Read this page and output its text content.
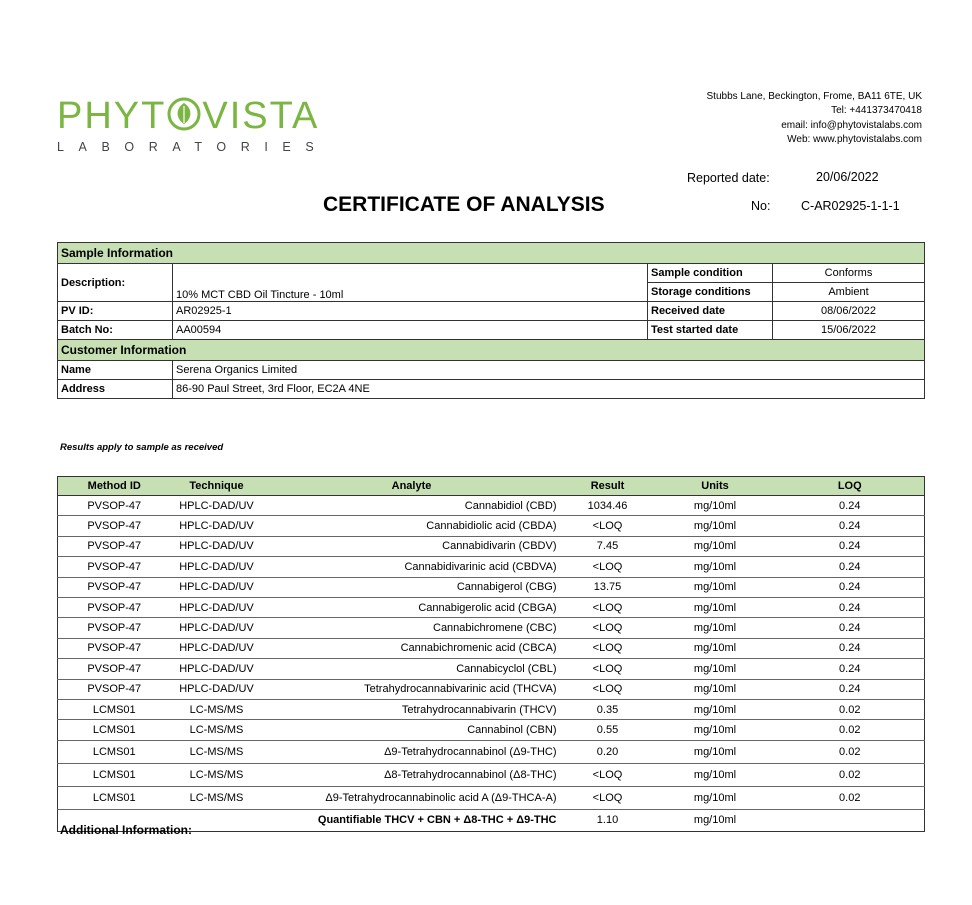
PHYT VISTA
LABORATORIES
Stubbs Lane, Beckington, Frome, BA11 6TE, UK
Tel: +441373470418
email: info@phytovistalabs.com
Web: www.phytovistalabs.com
Reported date:	20/06/2022
CERTIFICATE OF ANALYSIS	No: C-AR02925-1-1-1
Sample Information			
Description:	10% MCT CBD Oil Tincture - 10ml	Sample condition	Conforms
		Storage conditions	Ambient
PV ID:	AR02925-1	Received date	08/06/2022
Batch No:	AA00594	Test started date	15/06/2022
Customer Information			
Name	Serena Organics Limited		
Address	86-90 Paul Street, 3rd Floor, EC2A 4NE		
Results apply to sample as received
Method ID	Technique	Analyte	Result	Units	LOQ
PVSOP-47	HPLC-DAD/UV	Cannabidiol (CBD)	1034.46	mg/10ml	0.24
PVSOP-47	HPLC-DAD/UV	Cannabidiolic acid (CBDA)	<LOQ	mg/10ml	0.24
PVSOP-47	HPLC-DAD/UV	Cannabidivarin (CBDV)	7.45	mg/10ml	0.24
PVSOP-47	HPLC-DAD/UV	Cannabidivarinic acid (CBDVA)	<LOQ	mg/10ml	0.24
PVSOP-47	HPLC-DAD/UV	Cannabigerol (CBG)	13.75	mg/10ml	0.24
PVSOP-47	HPLC-DAD/UV	Cannabigerolic acid (CBGA)	<LOQ	mg/10ml	0.24
PVSOP-47	HPLC-DAD/UV	Cannabichromene (CBC)	<LOQ	mg/10ml	0.24
PVSOP-47	HPLC-DAD/UV	Cannabichromenic acid (CBCA)	<LOQ	mg/10ml	0.24
PVSOP-47	HPLC-DAD/UV	Cannabicyclol (CBL)	<LOQ	mg/10ml	0.24
PVSOP-47	HPLC-DAD/UV	Tetrahydrocannabivarinic acid (THCVA)	<LOQ	mg/10ml	0.24
LCMS01	LC-MS/MS	Tetrahydrocannabivarin (THCV)	0.35	mg/10ml	0.02
LCMS01	LC-MS/MS	Cannabinol (CBN)	0.55	mg/10ml	0.02
LCMS01	LC-MS/MS	Δ9-Tetrahydrocannabinol (Δ9-THC)	0.20	mg/10ml	0.02
LCMS01	LC-MS/MS	Δ8-Tetrahydrocannabinol (Δ8-THC)	<LOQ	mg/10ml	0.02
LCMS01	LC-MS/MS	Δ9-Tetrahydrocannabinolic acid A (Δ9-THCA-A)	<LOQ	mg/10ml	0.02
		Quantifiable THCV + CBN + Δ8-THC + Δ9-THC	1.10	mg/10ml	
Additional Information:
